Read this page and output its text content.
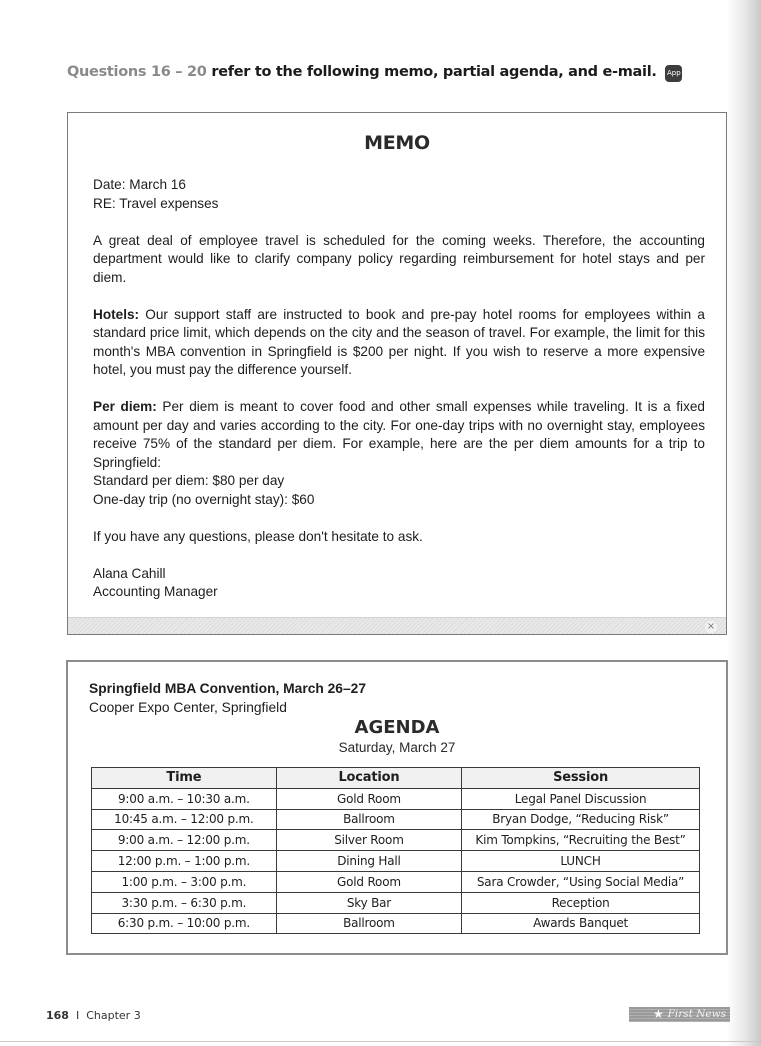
Questions 16 – 20 refer to the following memo, partial agenda, and e-mail. App
MEMO

Date: March 16

RE: Travel expenses

A great deal of employee travel is scheduled for the coming weeks. Therefore, the accounting department would like to clarify company policy regarding reimbursement for hotel stays and per diem.

Hotels: Our support staff are instructed to book and pre-pay hotel rooms for employees within a standard price limit, which depends on the city and the season of travel. For example, the limit for this month's MBA convention in Springfield is $200 per night. If you wish to reserve a more expensive hotel, you must pay the difference yourself.

Per diem: Per diem is meant to cover food and other small expenses while traveling. It is a fixed amount per day and varies according to the city. For one-day trips with no overnight stay, employees receive 75% of the standard per diem. For example, here are the per diem amounts for a trip to Springfield:

Standard per diem: $80 per day

One-day trip (no overnight stay): $60

If you have any questions, please don't hesitate to ask.

Alana Cahill

Accounting Manager

×
Springfield MBA Convention, March 26–27
Cooper Expo Center, Springfield
AGENDA
Saturday, March 27
Time	Location	Session
9:00 a.m. – 10:30 a.m.	Gold Room	Legal Panel Discussion
10:45 a.m. – 12:00 p.m.	Ballroom	Bryan Dodge, “Reducing Risk”
9:00 a.m. – 12:00 p.m.	Silver Room	Kim Tompkins, “Recruiting the Best”
12:00 p.m. – 1:00 p.m.	Dining Hall	LUNCH
1:00 p.m. – 3:00 p.m.	Gold Room	Sara Crowder, “Using Social Media”
3:30 p.m. – 6:30 p.m.	Sky Bar	Reception
6:30 p.m. – 10:00 p.m.	Ballroom	Awards Banquet
168 I Chapter 3	★ First News
